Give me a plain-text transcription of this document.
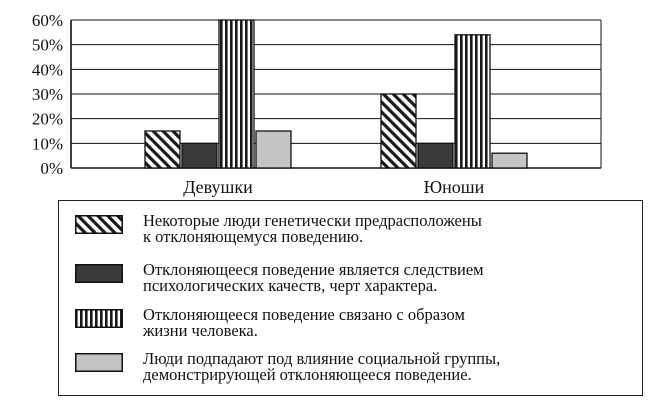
0%
10%
20%
30%
40%
50%
60%
Девушки	Юноши
Некоторые люди генетически предрасположены
к отклоняющемуся поведению.
Отклоняющееся поведение является следствием
психологических качеств, черт характера.
Отклоняющееся поведение связано с образом
жизни человека.
Люди подпадают под влияние социальной группы,
демонстрирующей отклоняющееся поведение.
